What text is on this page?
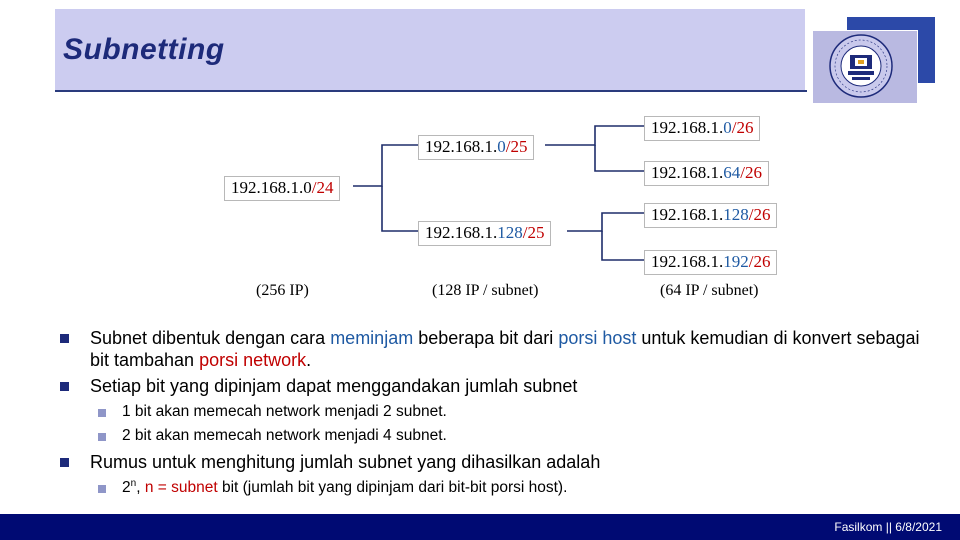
Subnetting
192.168.1.0/24
192.168.1.0/25
192.168.1.128/25
192.168.1.0/26
192.168.1.64/26
192.168.1.128/26
192.168.1.192/26
(256 IP)	(128 IP / subnet)	(64 IP / subnet)
Subnet dibentuk dengan cara meminjam beberapa bit dari porsi host untuk kemudian di konvert sebagai bit tambahan porsi network.
Setiap bit yang dipinjam dapat menggandakan jumlah subnet
1 bit akan memecah network menjadi 2 subnet.
2 bit akan memecah network menjadi 4 subnet.
Rumus untuk menghitung jumlah subnet yang dihasilkan adalah
2$^n$, n = subnet bit (jumlah bit yang dipinjam dari bit-bit porsi host).
Fasilkom || 6/8/2021
